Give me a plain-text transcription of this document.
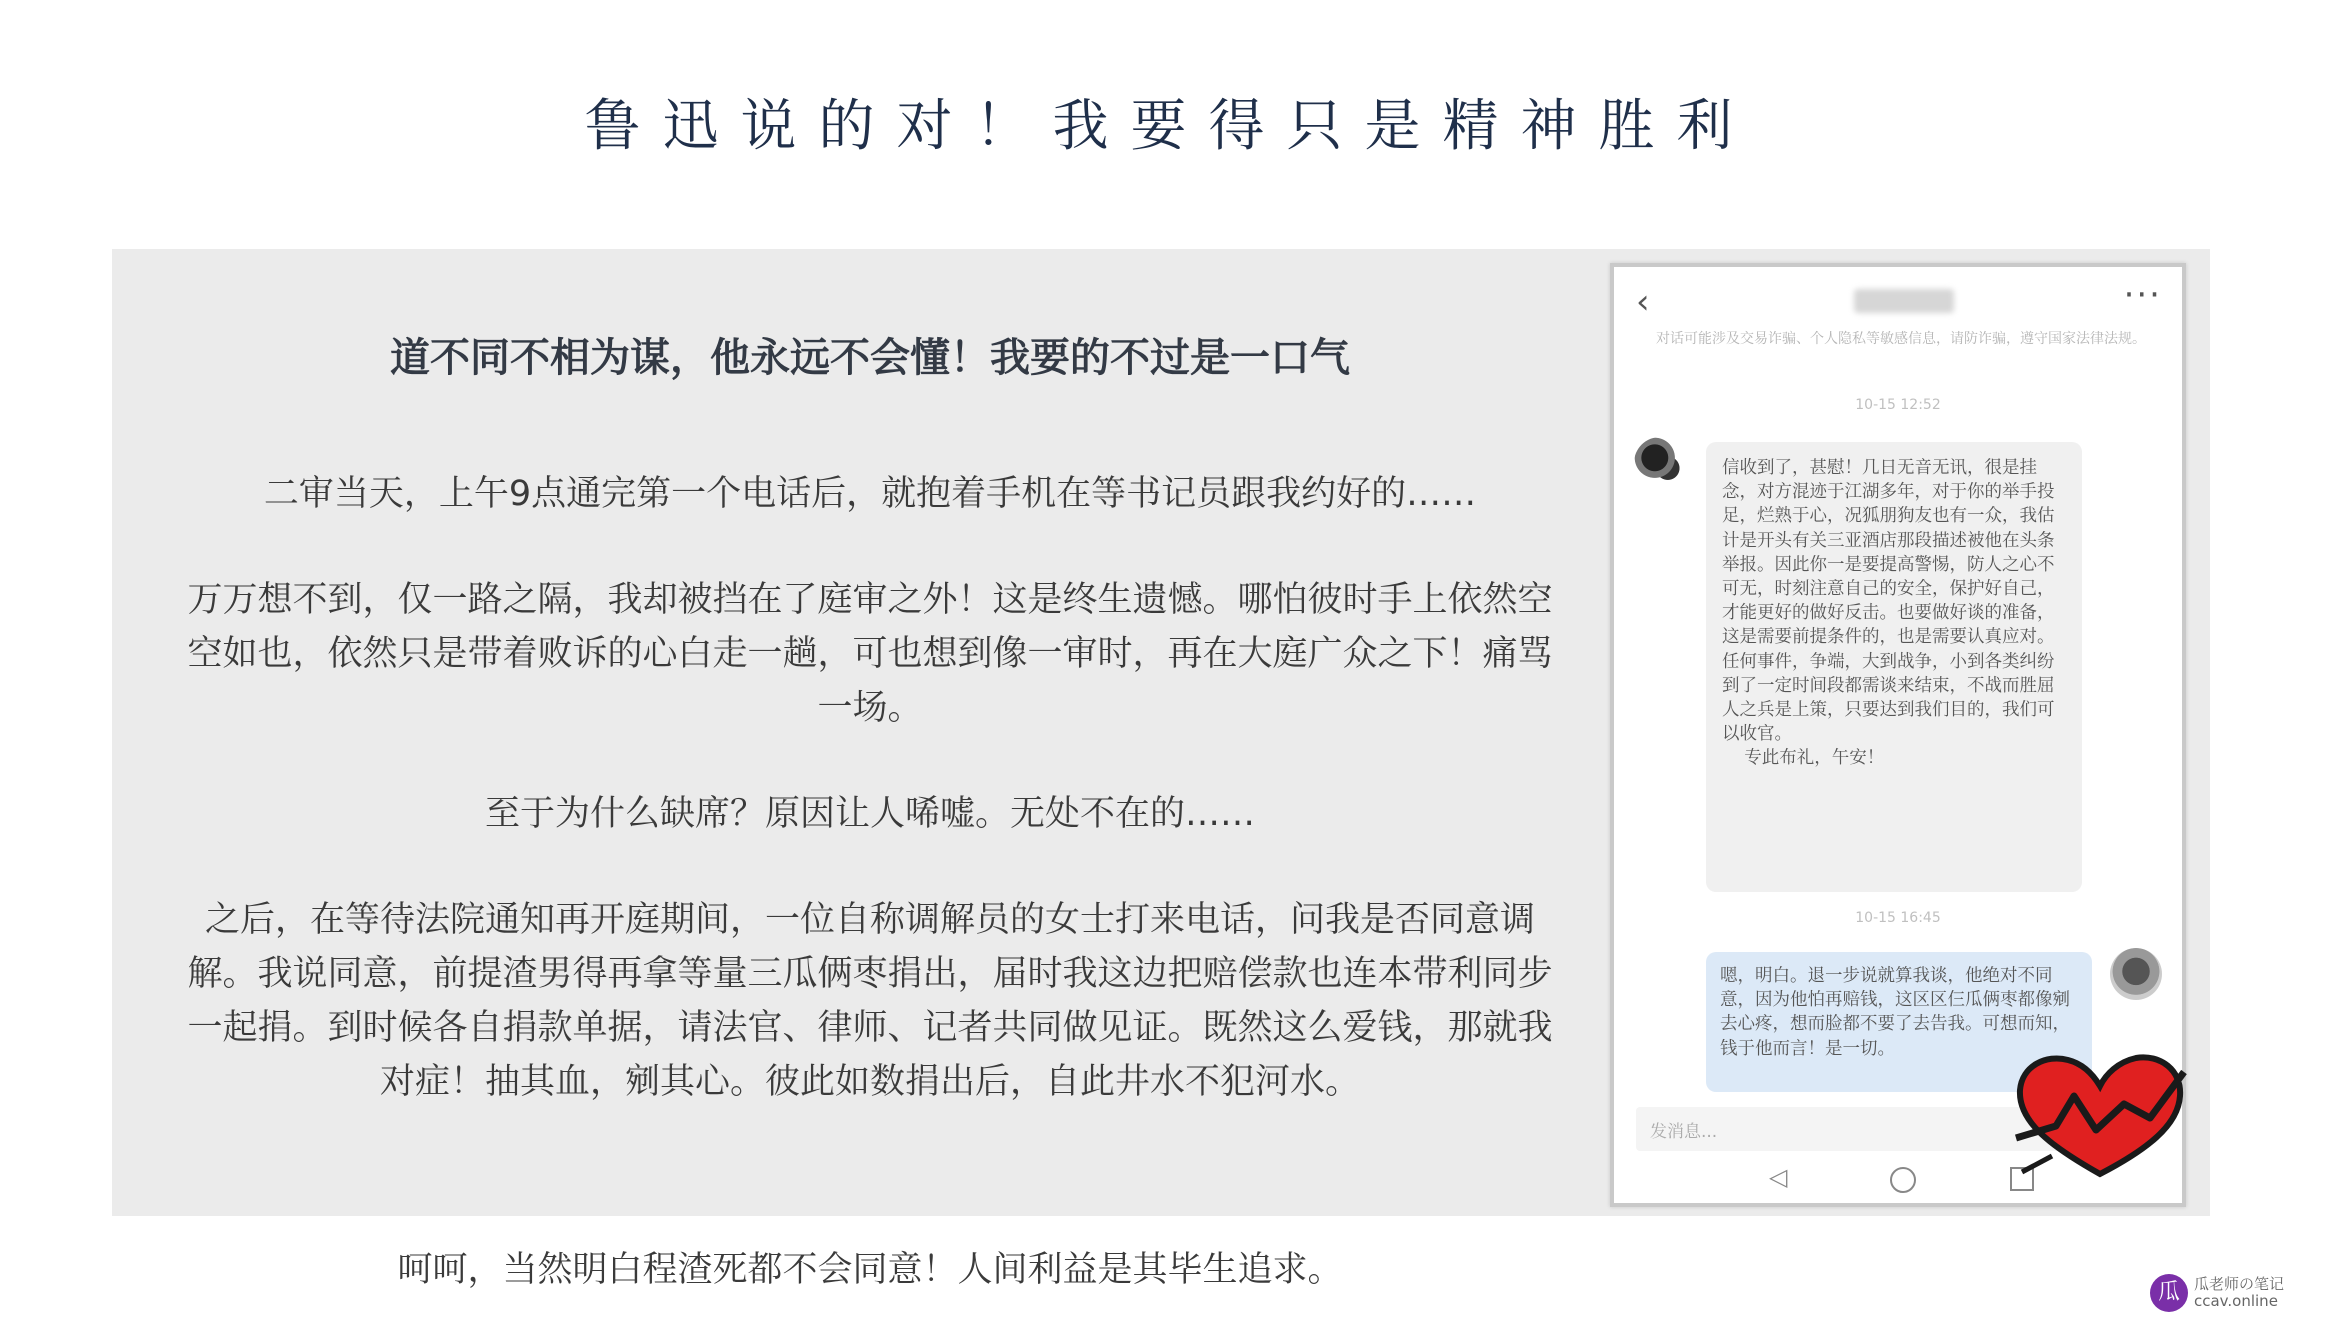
鲁迅说的对！我要得只是精神胜利
道不同不相为谋，他永远不会懂！我要的不过是一口气

二审当天，上午9点通完第一个电话后，就抱着手机在等书记员跟我约好的……

万万想不到，仅一路之隔，我却被挡在了庭审之外！这是终生遗憾。哪怕彼时手上依然空空如也，依然只是带着败诉的心白走一趟，可也想到像一审时，再在大庭广众之下！痛骂一场。

至于为什么缺席？原因让人唏嘘。无处不在的……

之后，在等待法院通知再开庭期间，一位自称调解员的女士打来电话，问我是否同意调解。我说同意，前提渣男得再拿等量三瓜俩枣捐出，届时我这边把赔偿款也连本带利同步一起捐。到时候各自捐款单据，请法官、律师、记者共同做见证。既然这么爱钱，那就我对症！抽其血，剜其心。彼此如数捐出后，自此井水不犯河水。

呵呵，当然明白程渣死都不会同意！人间利益是其毕生追求。
‹	···
对话可能涉及交易诈骗、个人隐私等敏感信息，请防诈骗，遵守国家法律法规。
10-15 12:52
信收到了，甚慰！几日无音无讯，很是挂念，对方混迹于江湖多年，对于你的举手投足，烂熟于心，况狐朋狗友也有一众，我估计是开头有关三亚酒店那段描述被他在头条举报。因此你一是要提高警惕，防人之心不可无，时刻注意自己的安全，保护好自己，才能更好的做好反击。也要做好谈的准备，这是需要前提条件的，也是需要认真应对。任何事件，争端，大到战争，小到各类纠纷到了一定时间段都需谈来结束，不战而胜屈人之兵是上策，只要达到我们目的，我们可以收官。
专此布礼，午安！
10-15 16:45
嗯，明白。退一步说就算我谈，他绝对不同意，因为他怕再赔钱，这区区仨瓜俩枣都像剜去心疼，想而脸都不要了去告我。可想而知，钱于他而言！是一切。
发消息...
◁
瓜 瓜老师の笔记
ccav.online
